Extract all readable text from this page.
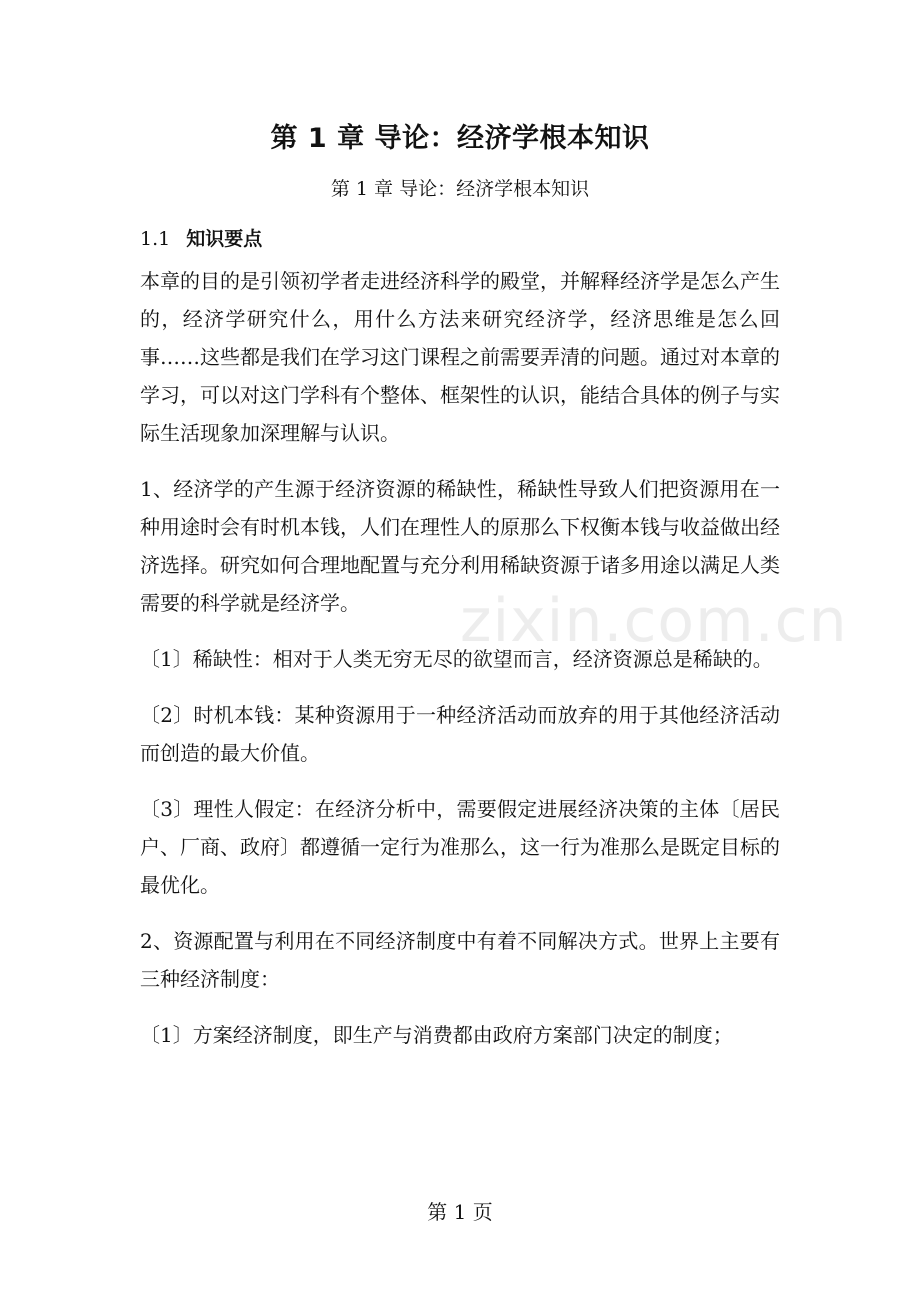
第 1 章 导论：经济学根本知识
第 1 章 导论：经济学根本知识
1.1 知识要点

本章的目的是引领初学者走进经济科学的殿堂，并解释经济学是怎么产生的，经济学研究什么，用什么方法来研究经济学，经济思维是怎么回事……这些都是我们在学习这门课程之前需要弄清的问题。通过对本章的学习，可以对这门学科有个整体、框架性的认识，能结合具体的例子与实际生活现象加深理解与认识。

1、经济学的产生源于经济资源的稀缺性，稀缺性导致人们把资源用在一种用途时会有时机本钱，人们在理性人的原那么下权衡本钱与收益做出经济选择。研究如何合理地配置与充分利用稀缺资源于诸多用途以满足人类需要的科学就是经济学。

〔1〕稀缺性：相对于人类无穷无尽的欲望而言，经济资源总是稀缺的。

〔2〕时机本钱：某种资源用于一种经济活动而放弃的用于其他经济活动而创造的最大价值。

〔3〕理性人假定：在经济分析中，需要假定进展经济决策的主体〔居民户、厂商、政府〕都遵循一定行为准那么，这一行为准那么是既定目标的最优化。

2、资源配置与利用在不同经济制度中有着不同解决方式。世界上主要有三种经济制度：

〔1〕方案经济制度，即生产与消费都由政府方案部门决定的制度；

zixin.com.cn
第 1 页
